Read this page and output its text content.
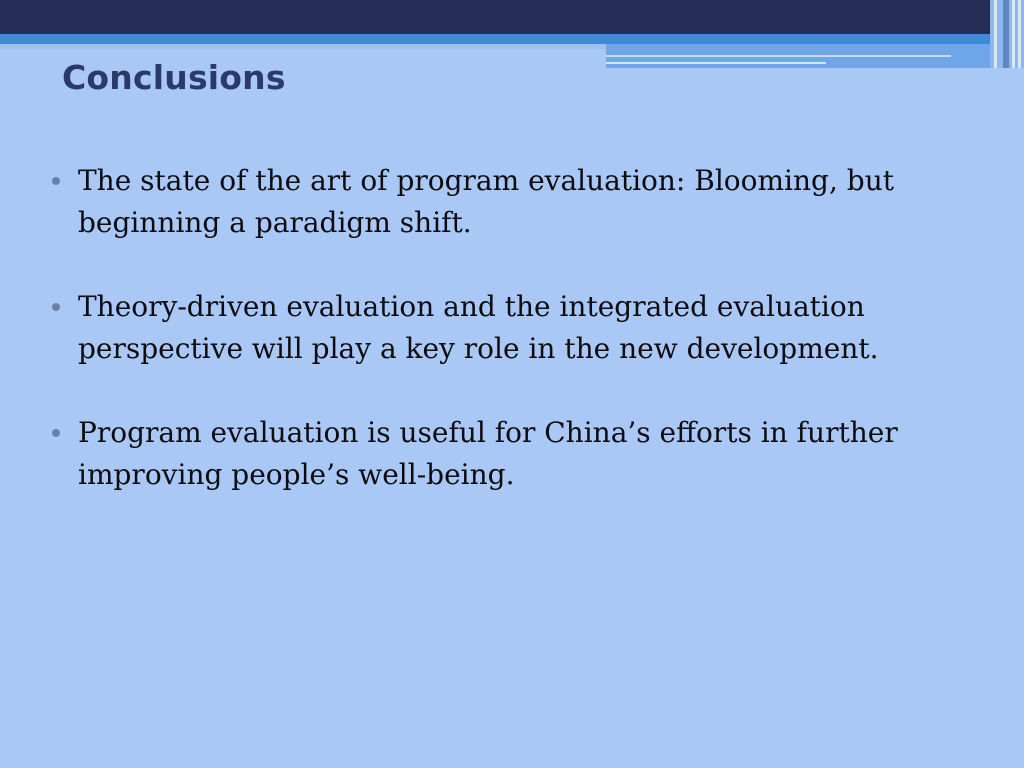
Conclusions
The state of the art of program evaluation: Blooming, but beginning a paradigm shift.
Theory-driven evaluation and the integrated evaluation perspective will play a key role in the new development.
Program evaluation is useful for China’s efforts in further improving people’s well-being.
